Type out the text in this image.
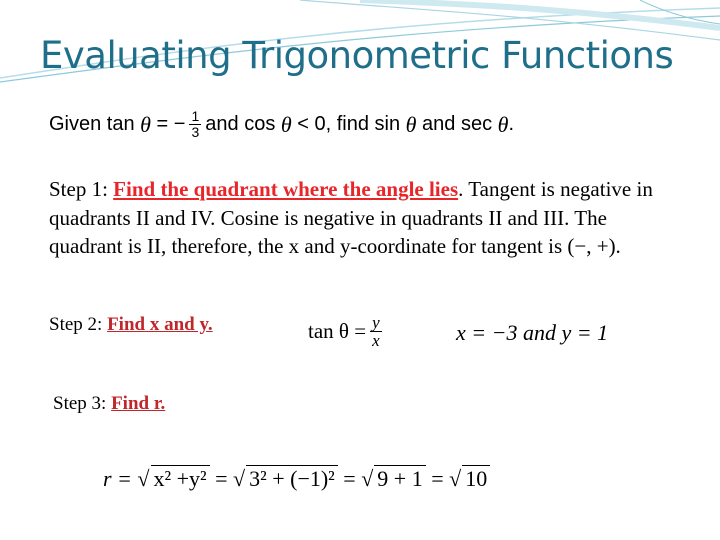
Evaluating Trigonometric Functions
Given tan
θ
= − $\frac{1}{3}$ and cos
θ
< 0, find sin
θ
and sec
θ .
Step 1: Find the quadrant where the angle lies. Tangent is negative in quadrants II and IV. Cosine is negative in quadrants II and III. The quadrant is II, therefore, the x and y-coordinate for tangent is (−, +).
Step 2: Find x and y.	$\tan \theta = \frac{y}{x}$	x = −3 and y = 1
Step 3: Find r.
r = √ x² +y² = √ 3² + (−1)² = √ 9 + 1 = √ 10
